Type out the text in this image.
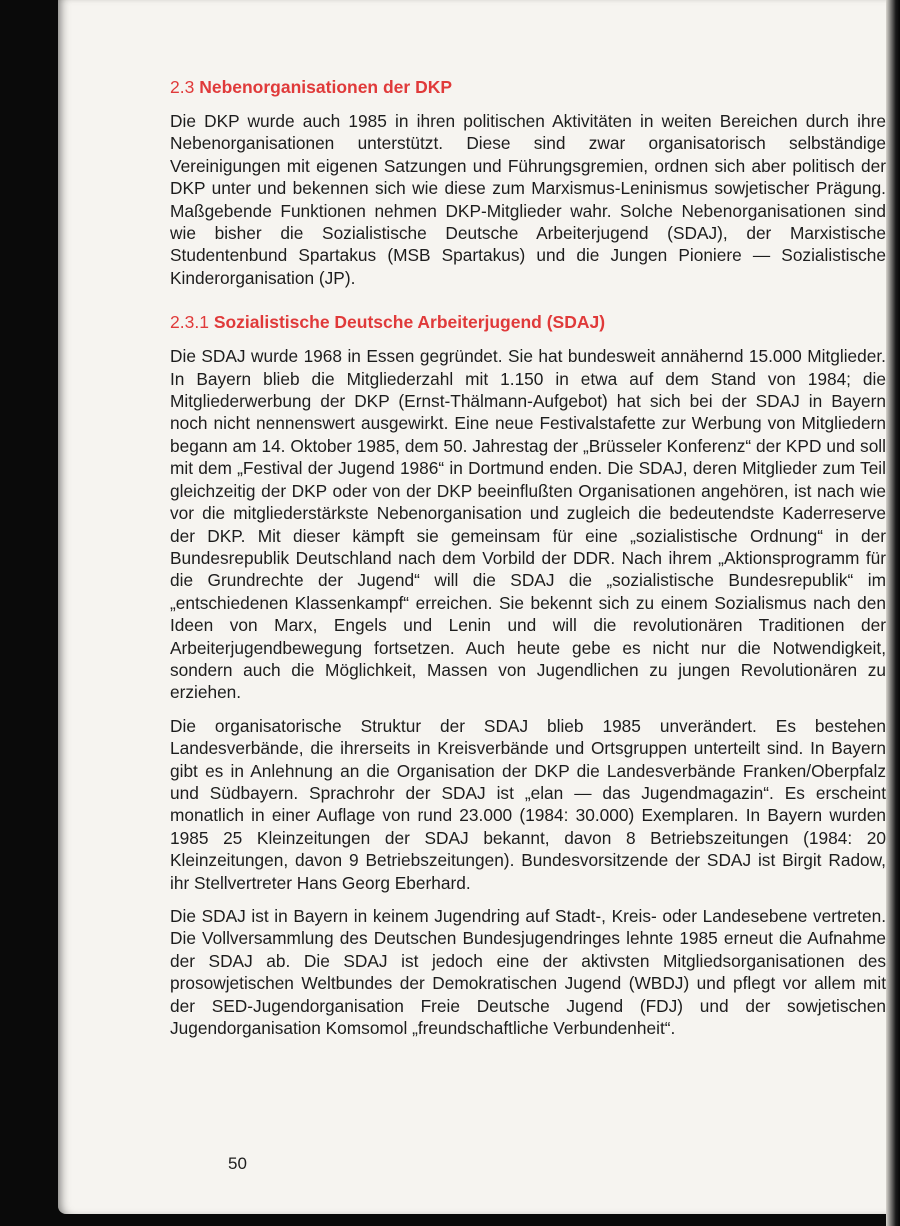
2.3 Nebenorganisationen der DKP

Die DKP wurde auch 1985 in ihren politischen Aktivitäten in weiten Bereichen durch ihre Nebenorganisationen unterstützt. Diese sind zwar organisatorisch selbständige Vereinigungen mit eigenen Satzungen und Führungsgremien, ordnen sich aber politisch der DKP unter und bekennen sich wie diese zum Marxismus-Leninismus sowjetischer Prägung. Maßgebende Funktionen nehmen DKP-Mitglieder wahr. Solche Nebenorganisationen sind wie bisher die Sozialistische Deutsche Arbeiterjugend (SDAJ), der Marxistische Studentenbund Spartakus (MSB Spartakus) und die Jungen Pioniere — Sozialistische Kinderorganisation (JP).

2.3.1 Sozialistische Deutsche Arbeiterjugend (SDAJ)

Die SDAJ wurde 1968 in Essen gegründet. Sie hat bundesweit annähernd 15.000 Mitglieder. In Bayern blieb die Mitgliederzahl mit 1.150 in etwa auf dem Stand von 1984; die Mitgliederwerbung der DKP (Ernst-Thälmann-Aufgebot) hat sich bei der SDAJ in Bayern noch nicht nennenswert ausgewirkt. Eine neue Festivalstafette zur Werbung von Mitgliedern begann am 14. Oktober 1985, dem 50. Jahrestag der „Brüsseler Konferenz“ der KPD und soll mit dem „Festival der Jugend 1986“ in Dortmund enden. Die SDAJ, deren Mitglieder zum Teil gleichzeitig der DKP oder von der DKP beeinflußten Organisationen angehören, ist nach wie vor die mitgliederstärkste Nebenorganisation und zugleich die bedeutendste Kaderreserve der DKP. Mit dieser kämpft sie gemeinsam für eine „sozialistische Ordnung“ in der Bundesrepublik Deutschland nach dem Vorbild der DDR. Nach ihrem „Aktionsprogramm für die Grundrechte der Jugend“ will die SDAJ die „sozialistische Bundesrepublik“ im „entschiedenen Klassenkampf“ erreichen. Sie bekennt sich zu einem Sozialismus nach den Ideen von Marx, Engels und Lenin und will die revolutionären Traditionen der Arbeiterjugendbewegung fortsetzen. Auch heute gebe es nicht nur die Notwendigkeit, sondern auch die Möglichkeit, Massen von Jugendlichen zu jungen Revolutionären zu erziehen.

Die organisatorische Struktur der SDAJ blieb 1985 unverändert. Es bestehen Landesverbände, die ihrerseits in Kreisverbände und Ortsgruppen unterteilt sind. In Bayern gibt es in Anlehnung an die Organisation der DKP die Landesverbände Franken/Oberpfalz und Südbayern. Sprachrohr der SDAJ ist „elan — das Jugendmagazin“. Es erscheint monatlich in einer Auflage von rund 23.000 (1984: 30.000) Exemplaren. In Bayern wurden 1985 25 Kleinzeitungen der SDAJ bekannt, davon 8 Betriebszeitungen (1984: 20 Kleinzeitungen, davon 9 Betriebszeitungen). Bundesvorsitzende der SDAJ ist Birgit Radow, ihr Stellvertreter Hans Georg Eberhard.

Die SDAJ ist in Bayern in keinem Jugendring auf Stadt-, Kreis- oder Landesebene vertreten. Die Vollversammlung des Deutschen Bundesjugendringes lehnte 1985 erneut die Aufnahme der SDAJ ab. Die SDAJ ist jedoch eine der aktivsten Mitgliedsorganisationen des prosowjetischen Weltbundes der Demokratischen Jugend (WBDJ) und pflegt vor allem mit der SED-Jugendorganisation Freie Deutsche Jugend (FDJ) und der sowjetischen Jugendorganisation Komsomol „freundschaftliche Verbundenheit“.

50
